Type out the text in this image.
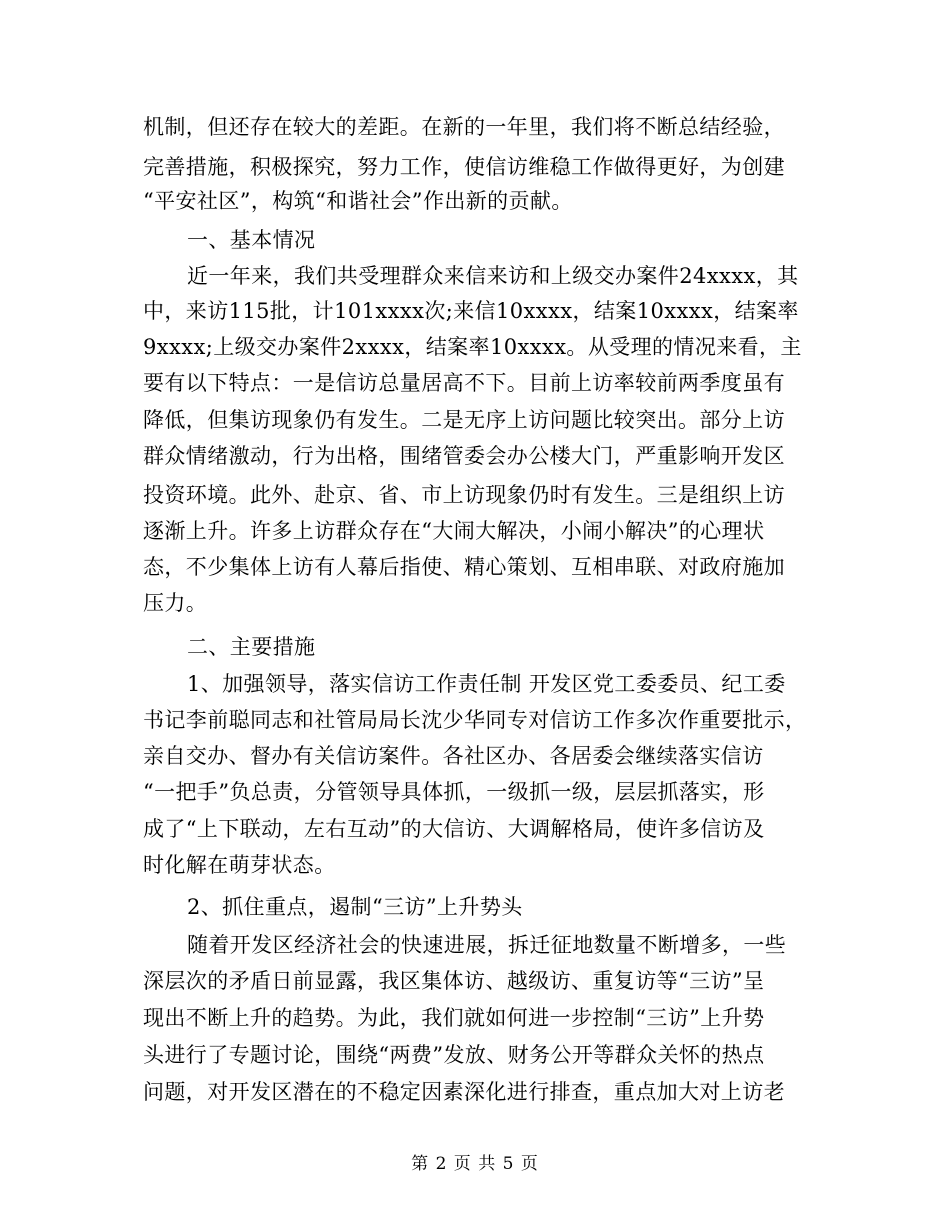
机制，但还存在较大的差距。在新的一年里，我们将不断总结经验，
完善措施，积极探究，努力工作，使信访维稳工作做得更好，为创建
“平安社区”，构筑“和谐社会”作出新的贡献。
一、基本情况
近一年来，我们共受理群众来信来访和上级交办案件24xxxx，其
中，来访115批，计101xxxx次;来信10xxxx，结案10xxxx，结案率
9xxxx;上级交办案件2xxxx，结案率10xxxx。从受理的情况来看，主
要有以下特点：一是信访总量居高不下。目前上访率较前两季度虽有
降低，但集访现象仍有发生。二是无序上访问题比较突出。部分上访
群众情绪激动，行为出格，围绪管委会办公楼大门，严重影响开发区
投资环境。此外、赴京、省、市上访现象仍时有发生。三是组织上访
逐渐上升。许多上访群众存在“大闹大解决，小闹小解决”的心理状
态，不少集体上访有人幕后指使、精心策划、互相串联、对政府施加
压力。
二、主要措施
1、加强领导，落实信访工作责任制 开发区党工委委员、纪工委
书记李前聪同志和社管局局长沈少华同专对信访工作多次作重要批示，
亲自交办、督办有关信访案件。各社区办、各居委会继续落实信访
“一把手”负总责，分管领导具体抓，一级抓一级，层层抓落实，形
成了“上下联动，左右互动”的大信访、大调解格局，使许多信访及
时化解在萌芽状态。
2、抓住重点，遏制“三访”上升势头
随着开发区经济社会的快速进展，拆迁征地数量不断增多，一些
深层次的矛盾日前显露，我区集体访、越级访、重复访等“三访”呈
现出不断上升的趋势。为此，我们就如何进一步控制“三访”上升势
头进行了专题讨论，围绕“两费”发放、财务公开等群众关怀的热点
问题，对开发区潜在的不稳定因素深化进行排查，重点加大对上访老
第 2 页 共 5 页
